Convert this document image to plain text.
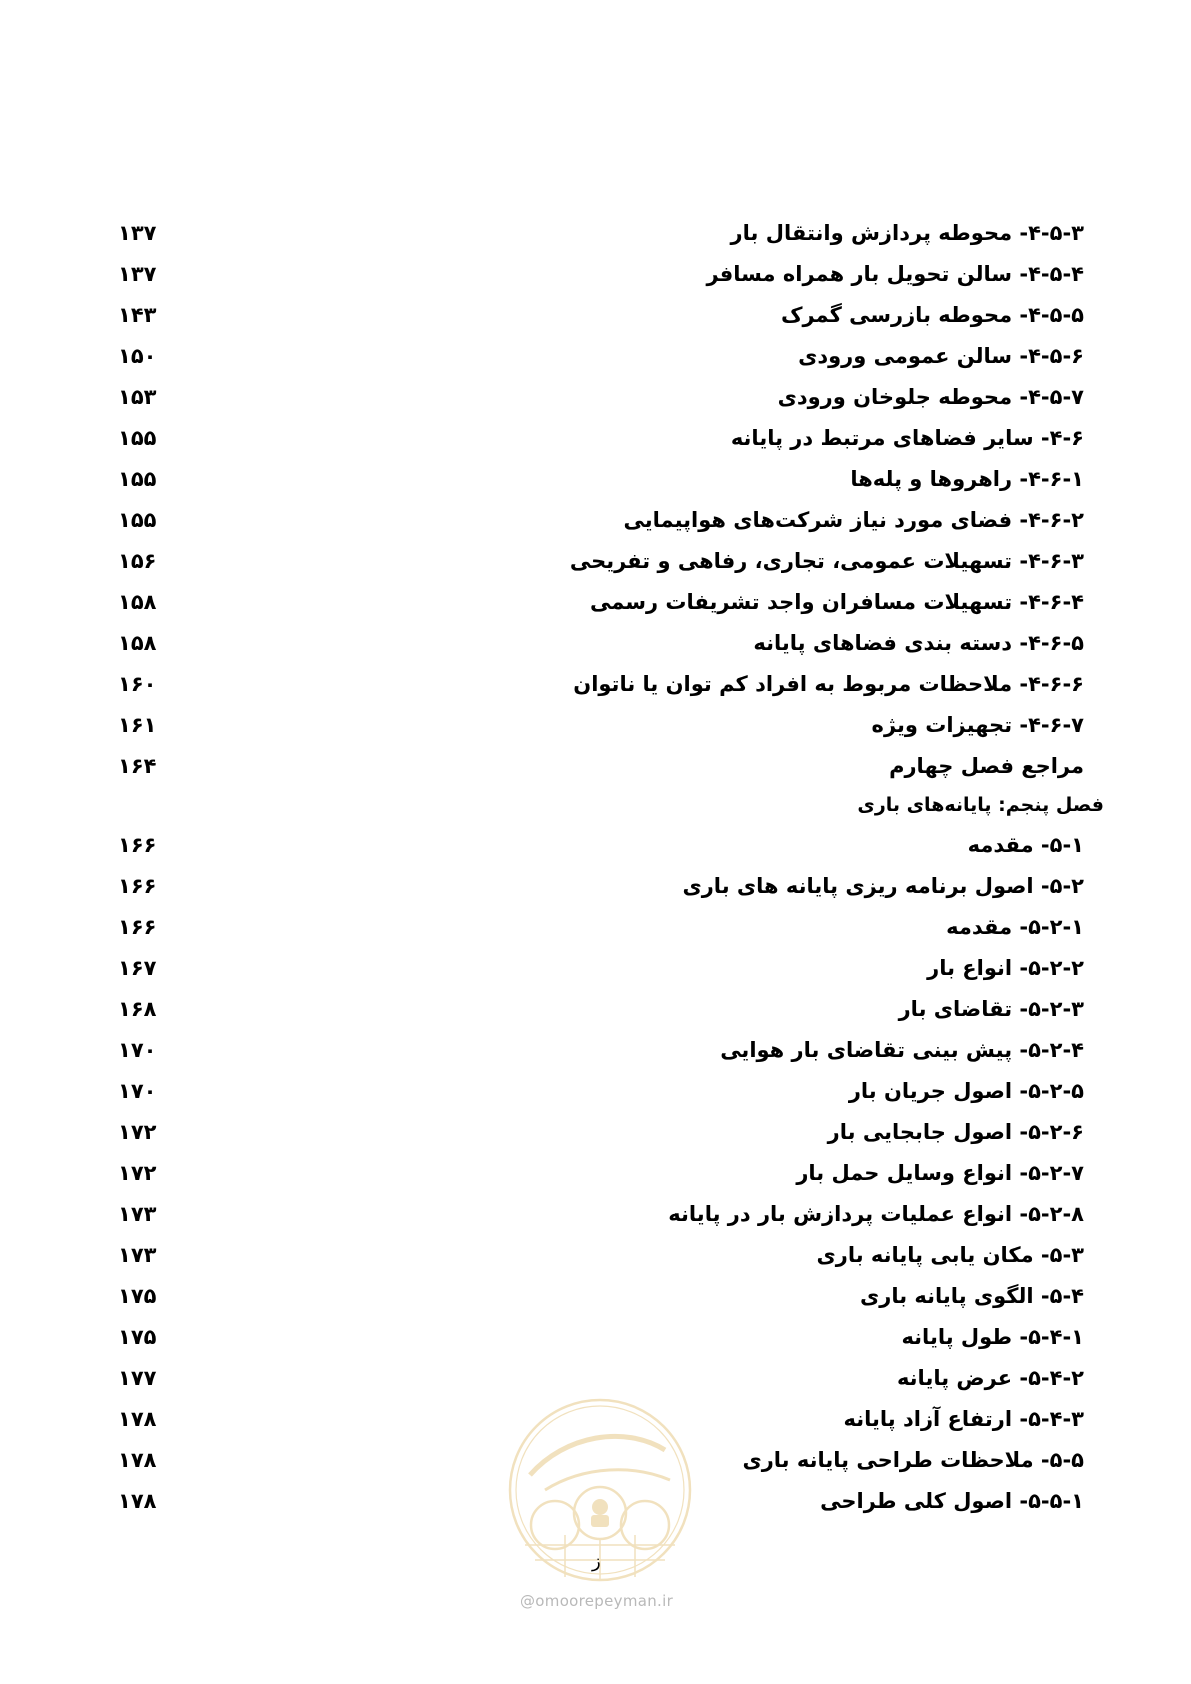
۴-۵-۳- محوطه پردازش وانتقال بار
۱۳۷
۴-۵-۴- سالن تحویل بار همراه مسافر
۱۳۷
۴-۵-۵- محوطه بازرسی گمرک
۱۴۳
۴-۵-۶- سالن عمومی ورودی
۱۵۰
۴-۵-۷- محوطه جلوخان ورودی
۱۵۳
۴-۶- سایر فضاهای مرتبط در پایانه
۱۵۵
۴-۶-۱- راهروها و پله‌ها
۱۵۵
۴-۶-۲- فضای مورد نیاز شرکت‌های هواپیمایی
۱۵۵
۴-۶-۳- تسهیلات عمومی، تجاری، رفاهی و تفریحی
۱۵۶
۴-۶-۴- تسهیلات مسافران واجد تشریفات رسمی
۱۵۸
۴-۶-۵- دسته بندی فضاهای پایانه
۱۵۸
۴-۶-۶- ملاحظات مربوط به افراد کم توان یا ناتوان
۱۶۰
۴-۶-۷- تجهیزات ویژه
۱۶۱
مراجع فصل چهارم
۱۶۴
فصل پنجم: پایانه‌های باری
۵-۱- مقدمه
۱۶۶
۵-۲- اصول برنامه ریزی پایانه های باری
۱۶۶
۵-۲-۱- مقدمه
۱۶۶
۵-۲-۲- انواع بار
۱۶۷
۵-۲-۳- تقاضای بار
۱۶۸
۵-۲-۴- پیش بینی تقاضای بار هوایی
۱۷۰
۵-۲-۵- اصول جریان بار
۱۷۰
۵-۲-۶- اصول جابجایی بار
۱۷۲
۵-۲-۷- انواع وسایل حمل بار
۱۷۲
۵-۲-۸- انواع عملیات پردازش بار در پایانه
۱۷۳
۵-۳- مکان یابی پایانه باری
۱۷۳
۵-۴- الگوی پایانه باری
۱۷۵
۵-۴-۱- طول پایانه
۱۷۵
۵-۴-۲- عرض پایانه
۱۷۷
۵-۴-۳- ارتفاع آزاد پایانه
۱۷۸
۵-۵- ملاحظات طراحی پایانه باری
۱۷۸
۵-۵-۱- اصول کلی طراحی
۱۷۸
ز
@omoorepeyman.ir
